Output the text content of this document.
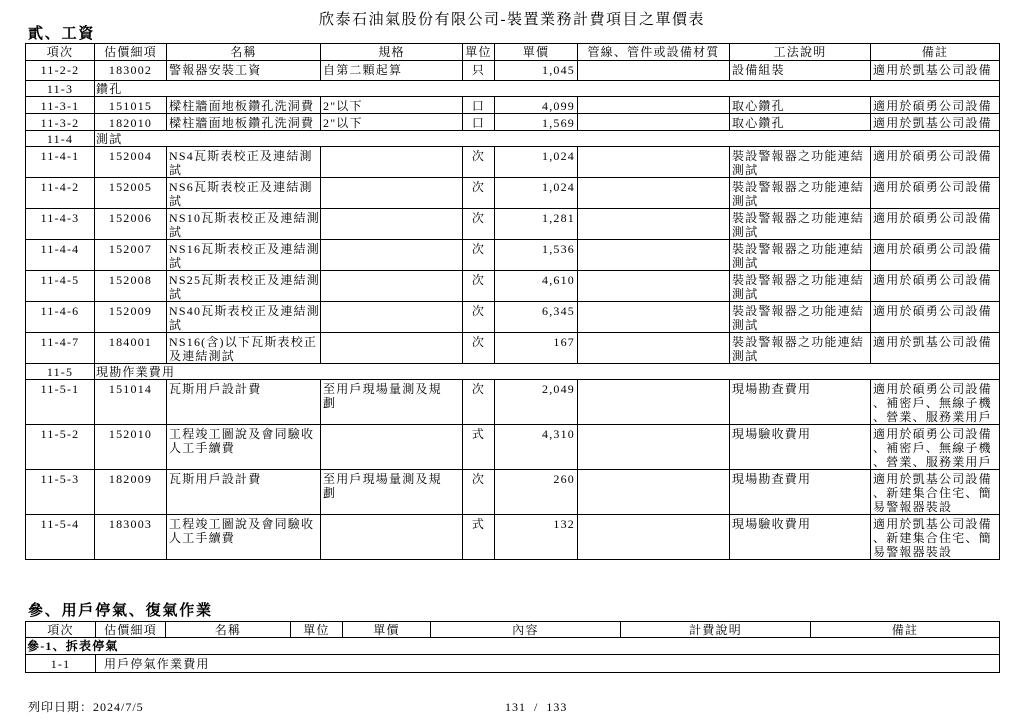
欣泰石油氣股份有限公司-裝置業務計費項目之單價表
貳、工資
項次	估價細項	名稱	規格	單位	單價	管線、管件或設備材質	工法說明	備註
11-2-2	183002	警報器安裝工資	自第二顆起算	只	1,045		設備組裝	適用於凱基公司設備
11-3	鑽孔							
11-3-1	151015	樑柱牆面地板鑽孔洗洞費	2"以下	口	4,099		取心鑽孔	適用於碩勇公司設備
11-3-2	182010	樑柱牆面地板鑽孔洗洞費	2"以下	口	1,569		取心鑽孔	適用於凱基公司設備
11-4	測試							
11-4-1	152004	NS4瓦斯表校正及連結測試		次	1,024		裝設警報器之功能連結測試	適用於碩勇公司設備
11-4-2	152005	NS6瓦斯表校正及連結測試		次	1,024		裝設警報器之功能連結測試	適用於碩勇公司設備
11-4-3	152006	NS10瓦斯表校正及連結測試		次	1,281		裝設警報器之功能連結測試	適用於碩勇公司設備
11-4-4	152007	NS16瓦斯表校正及連結測試		次	1,536		裝設警報器之功能連結測試	適用於碩勇公司設備
11-4-5	152008	NS25瓦斯表校正及連結測試		次	4,610		裝設警報器之功能連結測試	適用於碩勇公司設備
11-4-6	152009	NS40瓦斯表校正及連結測試		次	6,345		裝設警報器之功能連結測試	適用於碩勇公司設備
11-4-7	184001	NS16(含)以下瓦斯表校正及連結測試		次	167		裝設警報器之功能連結測試	適用於凱基公司設備
11-5	現勘作業費用							
11-5-1	151014	瓦斯用戶設計費	至用戶現場量測及規劃	次	2,049		現場勘查費用	適用於碩勇公司設備、補密戶、無線子機、營業、服務業用戶
11-5-2	152010	工程竣工圖說及會同驗收人工手續費		式	4,310		現場驗收費用	適用於碩勇公司設備、補密戶、無線子機、營業、服務業用戶
11-5-3	182009	瓦斯用戶設計費	至用戶現場量測及規劃	次	260		現場勘查費用	適用於凱基公司設備、新建集合住宅、簡易警報器裝設
11-5-4	183003	工程竣工圖說及會同驗收人工手續費		式	132		現場驗收費用	適用於凱基公司設備、新建集合住宅、簡易警報器裝設
參、用戶停氣、復氣作業
項次	估價細項	名稱	單位	單價	內容	計費說明	備註
參-1、拆表停氣							
1-1	用戶停氣作業費用						
列印日期：2024/7/5	131 / 133
